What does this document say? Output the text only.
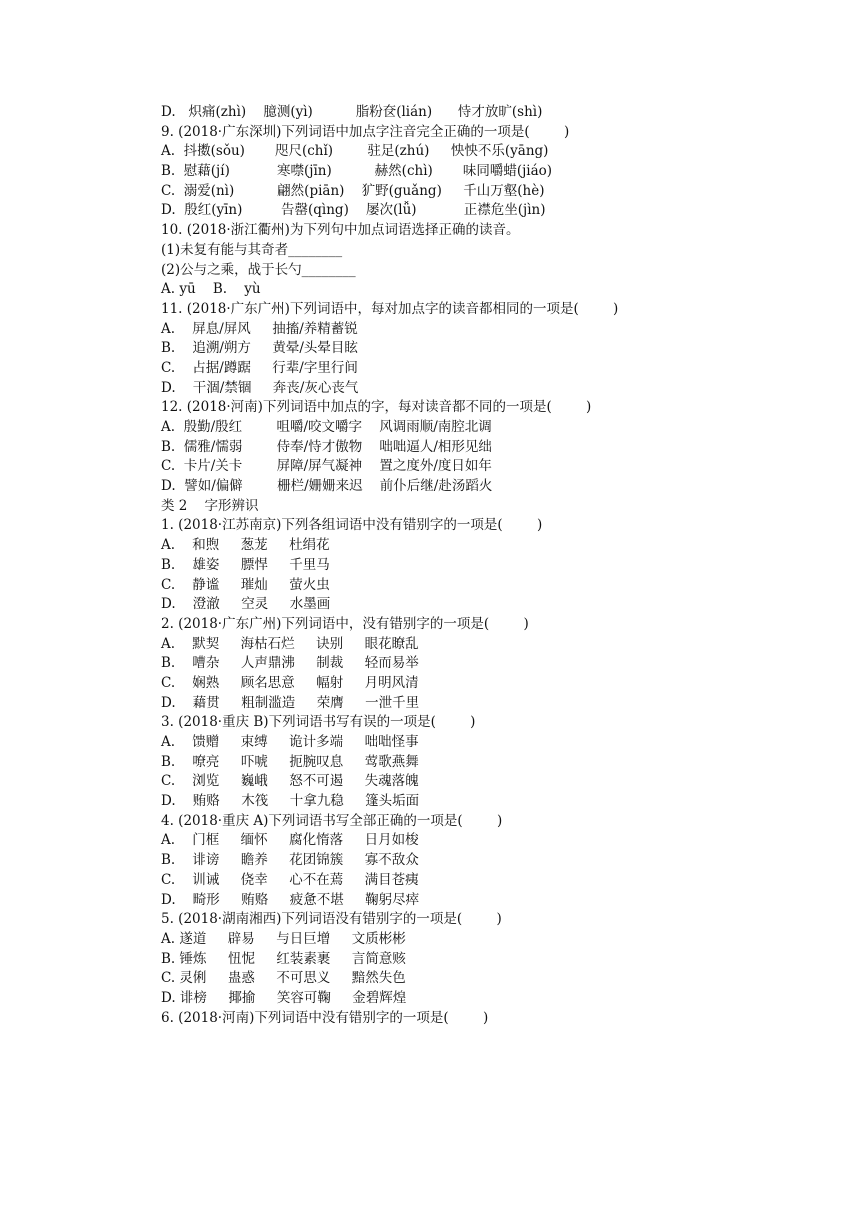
D.   炽痛(zhì)    臆测(yì)          脂粉奁(lián)      恃才放旷(shì)
9. (2018·广东深圳)下列词语中加点字注音完全正确的一项是(        )
A.  抖擞(sǒu)       咫尺(chǐ)        驻足(zhú)     怏怏不乐(yāng)
B.  慰藉(jí)           寒噤(jīn)          赫然(chì)       味同嚼蜡(jiáo)
C.  溺爱(nì)          翩然(piān)    犷野(guǎng)     千山万壑(hè)
D.  殷红(yīn)         告罄(qìng)    屡次(lǚ)           正襟危坐(jìn)
10. (2018·浙江衢州)为下列句中加点词语选择正确的读音。
(1)未复有能与其奇者________
(2)公与之乘，战于长勺________
A. yū    B.    yù
11. (2018·广东广州)下列词语中，每对加点字的读音都相同的一项是(        )
A.    屏息/屏风     抽搐/养精蓄锐
B.    追溯/朔方     黄晕/头晕目眩
C.    占据/蹲踞     行辈/字里行间
D.    干涸/禁锢     奔丧/灰心丧气
12. (2018·河南)下列词语中加点的字，每对读音都不同的一项是(        )
A.  殷勤/殷红        咀嚼/咬文嚼字    风调雨顺/南腔北调
B.  儒雅/懦弱        侍奉/恃才傲物    咄咄逼人/相形见绌
C.  卡片/关卡        屏障/屏气凝神    置之度外/度日如年
D.  譬如/偏僻        栅栏/姗姗来迟    前仆后继/赴汤蹈火
类 2    字形辨识
1. (2018·江苏南京)下列各组词语中没有错别字的一项是(        )
A.    和煦     葱茏     杜绢花
B.    雄姿     膘悍     千里马
C.    静谧     璀灿     萤火虫
D.    澄澈     空灵     水墨画
2. (2018·广东广州)下列词语中，没有错别字的一项是(        )
A.    默契     海枯石烂     诀别     眼花瞭乱
B.    嘈杂     人声鼎沸     制裁     轻而易举
C.    娴熟     顾名思意     幅射     月明风清
D.    藉贯     粗制滥造     荣膺     一泄千里
3. (2018·重庆 B)下列词语书写有误的一项是(        )
A.    馈赠     束缚     诡计多端     咄咄怪事
B.    嘹亮     吓唬     扼腕叹息     莺歌燕舞
C.    浏览     巍峨     怒不可遏     失魂落魄
D.    贿赂     木筏     十拿九稳     篷头垢面
4. (2018·重庆 A)下列词语书写全部正确的一项是(        )
A.    门框     缅怀     腐化惰落     日月如梭
B.    诽谤     瞻养     花团锦簇     寡不敌众
C.    训诫     侥幸     心不在蔫     满目苍痍
D.    畸形     贿赂     疲惫不堪     鞠躬尽瘁
5. (2018·湖南湘西)下列词语没有错别字的一项是(        )
A. 遂道     辟易     与日巨增     文质彬彬
B. 锤炼     忸怩     红装素裹     言简意赅
C. 灵俐     蛊惑     不可思义     黯然失色
D. 诽榜     揶揄     笑容可鞠     金碧辉煌
6. (2018·河南)下列词语中没有错别字的一项是(        )
